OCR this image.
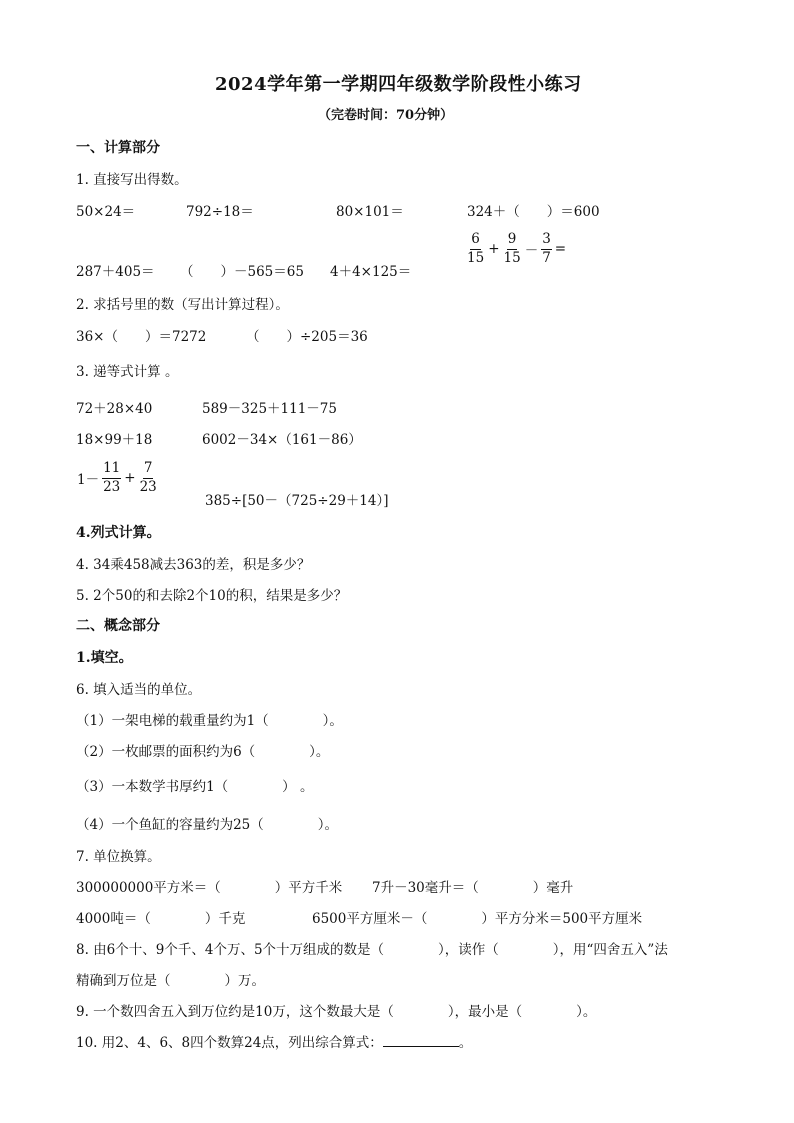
2024学年第一学期四年级数学阶段性小练习
（完卷时间：70分钟）
一、计算部分
1. 直接写出得数。
50×24＝	792÷18＝	80×101＝	324＋（　　）＝600
287＋405＝ （　　）－565＝65 4＋4×125＝
$\frac{6}{15} + \frac{9}{15} - \frac{3}{7}$ =
2. 求括号里的数（写出计算过程）。
36×（　　）＝7272	（　　）÷205＝36
3. 递等式计算 。
72＋28×40	589－325＋111－75
18×99＋18	6002－34×（161－86）
$1- \frac{11}{23} + \frac{7}{23}$
385÷[50－（725÷29＋14）]
4.列式计算。
4. 34乘458减去363的差，积是多少？
5. 2个50的和去除2个10的积，结果是多少？
二、概念部分
1.填空。
6. 填入适当的单位。
（1）一架电梯的载重量约为1（　　　　）。
（2）一枚邮票的面积约为6（　　　　）。
（3）一本数学书厚约1（　　　　） 。
（4）一个鱼缸的容量约为25（　　　　）。
7. 单位换算。
300000000平方米＝（　　　　）平方千米 7升－30毫升＝（　　　　）毫升
4000吨＝（　　　　）千克	6500平方厘米－（　　　　）平方分米＝500平方厘米
8. 由6个十、9个千、4个万、5个十万组成的数是（　　　　），读作（　　　　），用“四舍五入”法
精确到万位是（　　　　）万。
9. 一个数四舍五入到万位约是10万，这个数最大是（　　　　），最小是（　　　　）。
10. 用2、4、6、8四个数算24点，列出综合算式：	。
